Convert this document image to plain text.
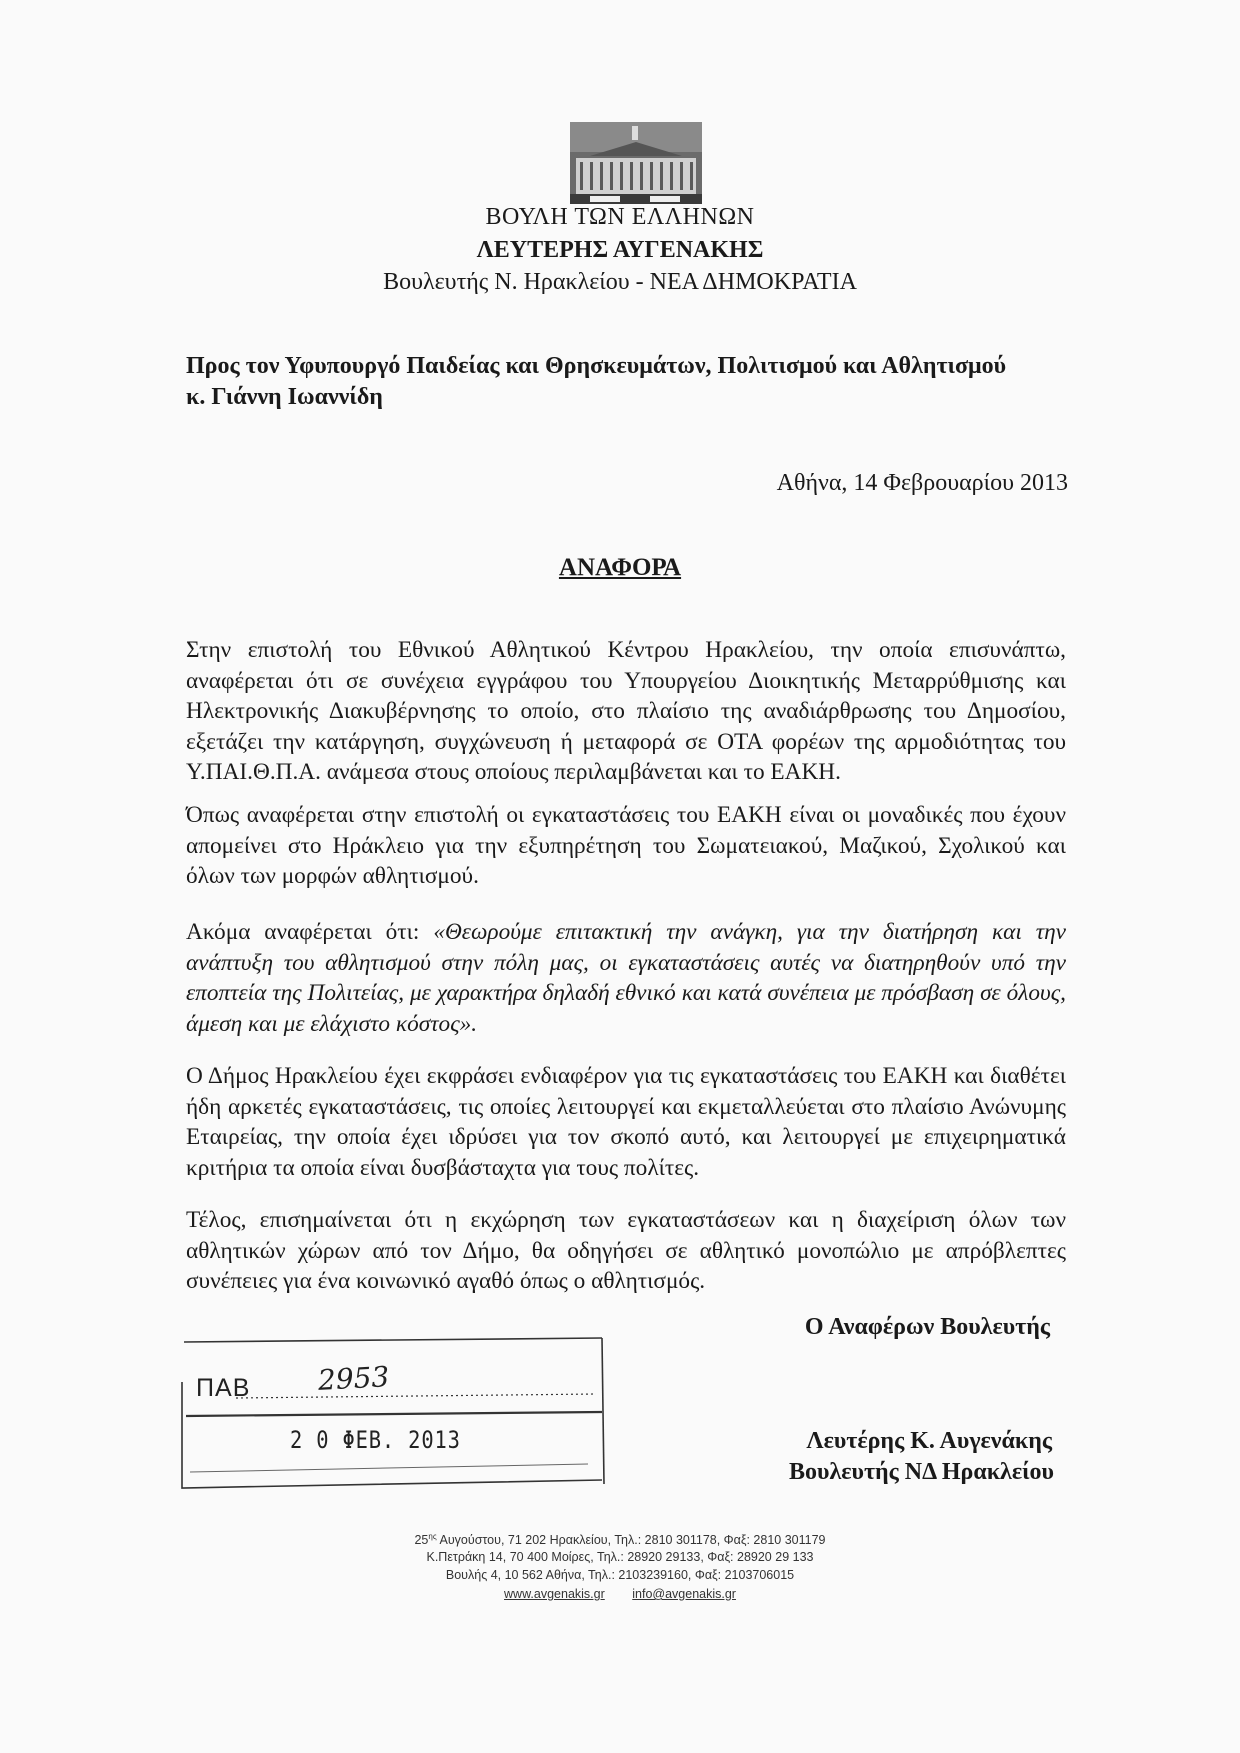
ΒΟΥΛΗ ΤΩΝ ΕΛΛΗΝΩΝ
ΛΕΥΤΕΡΗΣ ΑΥΓΕΝΑΚΗΣ
Βουλευτής Ν. Ηρακλείου - ΝΕΑ ΔΗΜΟΚΡΑΤΙΑ
Προς τον Υφυπουργό Παιδείας και Θρησκευμάτων, Πολιτισμού και Αθλητισμού
κ. Γιάννη Ιωαννίδη
Αθήνα, 14 Φεβρουαρίου 2013
ΑΝΑΦΟΡΑ

Στην επιστολή του Εθνικού Αθλητικού Κέντρου Ηρακλείου, την οποία επισυνάπτω, αναφέρεται ότι σε συνέχεια εγγράφου του Υπουργείου Διοικητικής Μεταρρύθμισης και Ηλεκτρονικής Διακυβέρνησης το οποίο, στο πλαίσιο της αναδιάρθρωσης του Δημοσίου, εξετάζει την κατάργηση, συγχώνευση ή μεταφορά σε ΟΤΑ φορέων της αρμοδιότητας του Υ.ΠΑΙ.Θ.Π.Α. ανάμεσα στους οποίους περιλαμβάνεται και το ΕΑΚΗ.

Όπως αναφέρεται στην επιστολή οι εγκαταστάσεις του ΕΑΚΗ είναι οι μοναδικές που έχουν απομείνει στο Ηράκλειο για την εξυπηρέτηση του Σωματειακού, Μαζικού, Σχολικού και όλων των μορφών αθλητισμού.

Ακόμα αναφέρεται ότι: «Θεωρούμε επιτακτική την ανάγκη, για την διατήρηση και την ανάπτυξη του αθλητισμού στην πόλη μας, οι εγκαταστάσεις αυτές να διατηρηθούν υπό την εποπτεία της Πολιτείας, με χαρακτήρα δηλαδή εθνικό και κατά συνέπεια με πρόσβαση σε όλους, άμεση και με ελάχιστο κόστος».

Ο Δήμος Ηρακλείου έχει εκφράσει ενδιαφέρον για τις εγκαταστάσεις του ΕΑΚΗ και διαθέτει ήδη αρκετές εγκαταστάσεις, τις οποίες λειτουργεί και εκμεταλλεύεται στο πλαίσιο Ανώνυμης Εταιρείας, την οποία έχει ιδρύσει για τον σκοπό αυτό, και λειτουργεί με επιχειρηματικά κριτήρια τα οποία είναι δυσβάσταχτα για τους πολίτες.

Τέλος, επισημαίνεται ότι η εκχώρηση των εγκαταστάσεων και η διαχείριση όλων των αθλητικών χώρων από τον Δήμο, θα οδηγήσει σε αθλητικό μονοπώλιο με απρόβλεπτες συνέπειες για ένα κοινωνικό αγαθό όπως ο αθλητισμός.

Ο Αναφέρων Βουλευτής
Λευτέρης Κ. Αυγενάκης
Βουλευτής ΝΔ Ηρακλείου
ΠΑΒ 2953
2 0 ΦΕΒ. 2013
$25^{\eta\varsigma}$ Αυγούστου, 71 202 Ηρακλείου, Τηλ.: 2810 301178, Φαξ: 2810 301179
Κ.Πετράκη 14, 70 400 Μοίρες, Τηλ.: 28920 29133, Φαξ: 28920 29 133
Βουλής 4, 10 562 Αθήνα, Τηλ.: 2103239160, Φαξ: 2103706015
www.avgenakis.gr info@avgenakis.gr
